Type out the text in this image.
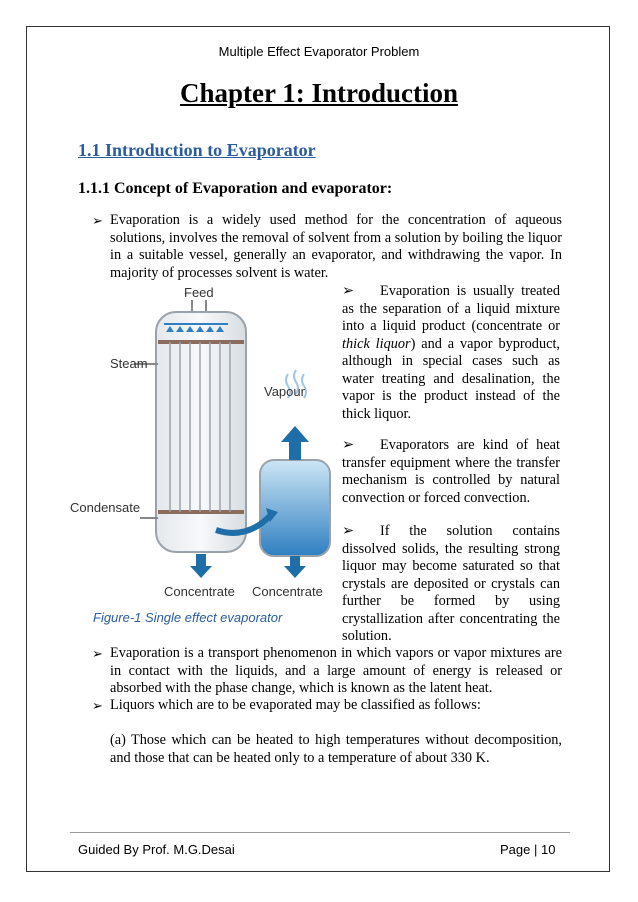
Multiple Effect Evaporator Problem
Chapter 1: Introduction
1.1 Introduction to Evaporator
1.1.1 Concept of Evaporation and evaporator:
➢ Evaporation is a widely used method for the concentration of aqueous solutions, involves the removal of solvent from a solution by boiling the liquor in a suitable vessel, generally an evaporator, and withdrawing the vapor. In majority of processes solvent is water.
Feed
Steam
Condensate
Vapour
Concentrate Concentrate
Figure-1 Single effect evaporator
➢ Evaporation is usually treated as the separation of a liquid mixture into a liquid product (concentrate or thick liquor) and a vapor byproduct, although in special cases such as water treating and desalination, the vapor is the product instead of the thick liquor.
➢ Evaporators are kind of heat transfer equipment where the transfer mechanism is controlled by natural convection or forced convection.
➢ If the solution contains dissolved solids, the resulting strong liquor may become saturated so that crystals are deposited or crystals can further be formed by using crystallization after concentrating the solution.
➢ Evaporation is a transport phenomenon in which vapors or vapor mixtures are in contact with the liquids, and a large amount of energy is released or absorbed with the phase change, which is known as the latent heat.
➢ Liquors which are to be evaporated may be classified as follows:
(a) Those which can be heated to high temperatures without decomposition, and those that can be heated only to a temperature of about 330 K.
Guided By Prof. M.G.Desai	Page | 10
